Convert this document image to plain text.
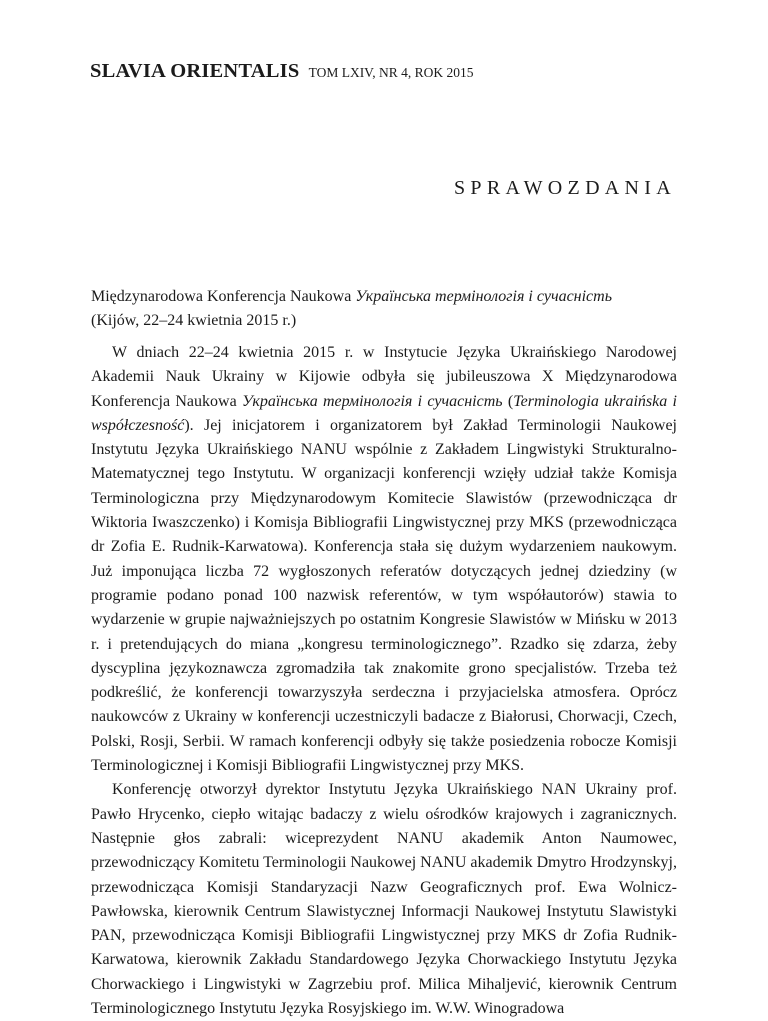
SLAVIA ORIENTALIS TOM LXIV, NR 4, ROK 2015
SPRAWOZDANIA
Międzynarodowa Konferencja Naukowa Українська термінологія і сучасність
(Kijów, 22–24 kwietnia 2015 r.)

W dniach 22–24 kwietnia 2015 r. w Instytucie Języka Ukraińskiego Narodowej Akademii Nauk Ukrainy w Kijowie odbyła się jubileuszowa X Międzynarodowa Konferencja Naukowa Українська термінологія і сучасність (Terminologia ukraińska i współczesność). Jej inicjatorem i organizatorem był Zakład Terminologii Naukowej Instytutu Języka Ukraińskiego NANU wspólnie z Zakładem Lingwistyki Strukturalno-Matematycznej tego Instytutu. W organizacji konferencji wzięły udział także Komisja Terminologiczna przy Międzynarodowym Komitecie Slawistów (przewodnicząca dr Wiktoria Iwaszczenko) i Komisja Bibliografii Lingwistycznej przy MKS (przewodnicząca dr Zofia E. Rudnik-Karwatowa). Konferencja stała się dużym wydarzeniem naukowym. Już imponująca liczba 72 wygłoszonych referatów dotyczących jednej dziedziny (w programie podano ponad 100 nazwisk referentów, w tym współautorów) stawia to wydarzenie w grupie najważniejszych po ostatnim Kongresie Slawistów w Mińsku w 2013 r. i pretendujących do miana „kongresu terminologicznego”. Rzadko się zdarza, żeby dyscyplina językoznawcza zgromadziła tak znakomite grono specjalistów. Trzeba też podkreślić, że konferencji towarzyszyła serdeczna i przyjacielska atmosfera. Oprócz naukowców z Ukrainy w konferencji uczestniczyli badacze z Białorusi, Chorwacji, Czech, Polski, Rosji, Serbii. W ramach konferencji odbyły się także posiedzenia robocze Komisji Terminologicznej i Komisji Bibliografii Lingwistycznej przy MKS.

Konferencję otworzył dyrektor Instytutu Języka Ukraińskiego NAN Ukrainy prof. Pawło Hrycenko, ciepło witając badaczy z wielu ośrodków krajowych i zagranicznych. Następnie głos zabrali: wiceprezydent NANU akademik Anton Naumowec, przewodniczący Komitetu Terminologii Naukowej NANU akademik Dmytro Hrodzynskyj, przewodnicząca Komisji Standaryzacji Nazw Geograficznych prof. Ewa Wolnicz-Pawłowska, kierownik Centrum Slawistycznej Informacji Naukowej Instytutu Slawistyki PAN, przewodnicząca Komisji Bibliografii Lingwistycznej przy MKS dr Zofia Rudnik-Karwatowa, kierownik Zakładu Standardowego Języka Chorwackiego Instytutu Języka Chorwackiego i Lingwistyki w Zagrzebiu prof. Milica Mihaljević, kierownik Centrum Terminologicznego Instytutu Języka Rosyjskiego im. W.W. Winogradowa
